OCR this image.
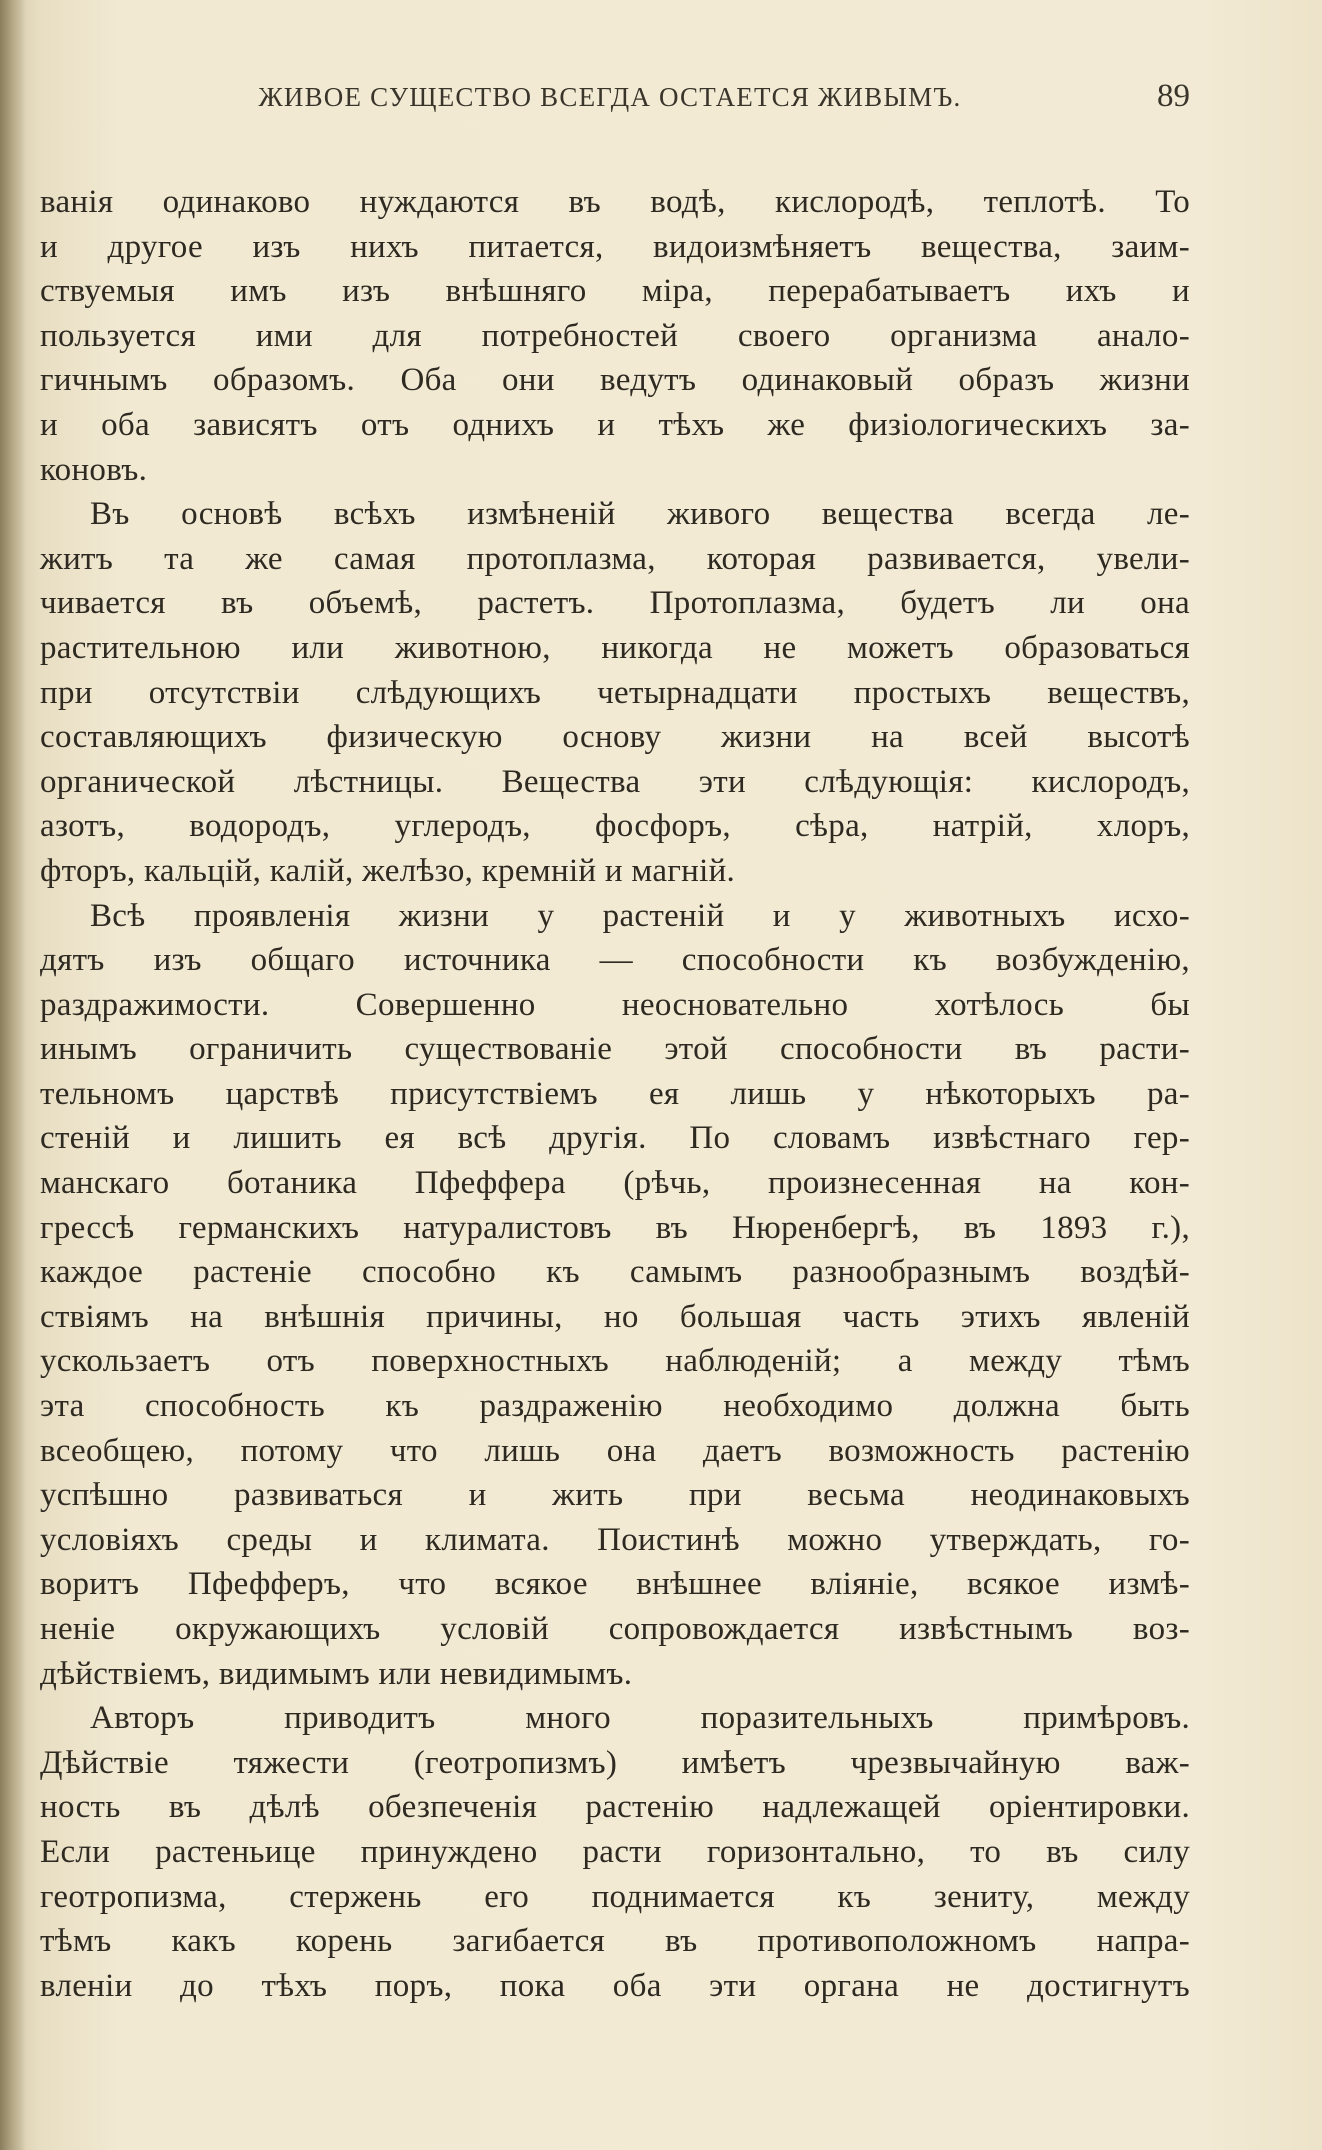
ЖИВОЕ СУЩЕСТВО ВСЕГДА ОСТАЕТСЯ ЖИВЫМЪ.	89
ванія одинаково нуждаются въ водѣ, кислородѣ, теплотѣ. То
и другое изъ нихъ питается, видоизмѣняетъ вещества, заим-
ствуемыя имъ изъ внѣшняго міра, перерабатываетъ ихъ и
пользуется ими для потребностей своего организма анало-
гичнымъ образомъ. Оба они ведутъ одинаковый образъ жизни
и оба зависятъ отъ однихъ и тѣхъ же физіологическихъ за-
коновъ.
Въ основѣ всѣхъ измѣненій живого вещества всегда ле-
житъ та же самая протоплазма, которая развивается, увели-
чивается въ объемѣ, растетъ. Протоплазма, будетъ ли она
растительною или животною, никогда не можетъ образоваться
при отсутствіи слѣдующихъ четырнадцати простыхъ веществъ,
составляющихъ физическую основу жизни на всей высотѣ
органической лѣстницы. Вещества эти слѣдующія: кислородъ,
азотъ, водородъ, углеродъ, фосфоръ, сѣра, натрій, хлоръ,
фторъ, кальцій, калій, желѣзо, кремній и магній.
Всѣ проявленія жизни у растеній и у животныхъ исхо-
дятъ изъ общаго источника — способности къ возбужденію,
раздражимости. Совершенно неосновательно хотѣлось бы
инымъ ограничить существованіе этой способности въ расти-
тельномъ царствѣ присутствіемъ ея лишь у нѣкоторыхъ ра-
стеній и лишить ея всѣ другія. По словамъ извѣстнаго гер-
манскаго ботаника Пфеффера (рѣчь, произнесенная на кон-
грессѣ германскихъ натуралистовъ въ Нюренбергѣ, въ 1893 г.),
каждое растеніе способно къ самымъ разнообразнымъ воздѣй-
ствіямъ на внѣшнія причины, но большая часть этихъ явленій
ускользаетъ отъ поверхностныхъ наблюденій; а между тѣмъ
эта способность къ раздраженію необходимо должна быть
всеобщею, потому что лишь она даетъ возможность растенію
успѣшно развиваться и жить при весьма неодинаковыхъ
условіяхъ среды и климата. Поистинѣ можно утверждать, го-
воритъ Пфефферъ, что всякое внѣшнее вліяніе, всякое измѣ-
неніе окружающихъ условій сопровождается извѣстнымъ воз-
дѣйствіемъ, видимымъ или невидимымъ.
Авторъ приводитъ много поразительныхъ примѣровъ.
Дѣйствіе тяжести (геотропизмъ) имѣетъ чрезвычайную важ-
ность въ дѣлѣ обезпеченія растенію надлежащей оріентировки.
Если растеньице принуждено расти горизонтально, то въ силу
геотропизма, стержень его поднимается къ зениту, между
тѣмъ какъ корень загибается въ противоположномъ напра-
вленіи до тѣхъ поръ, пока оба эти органа не достигнутъ
